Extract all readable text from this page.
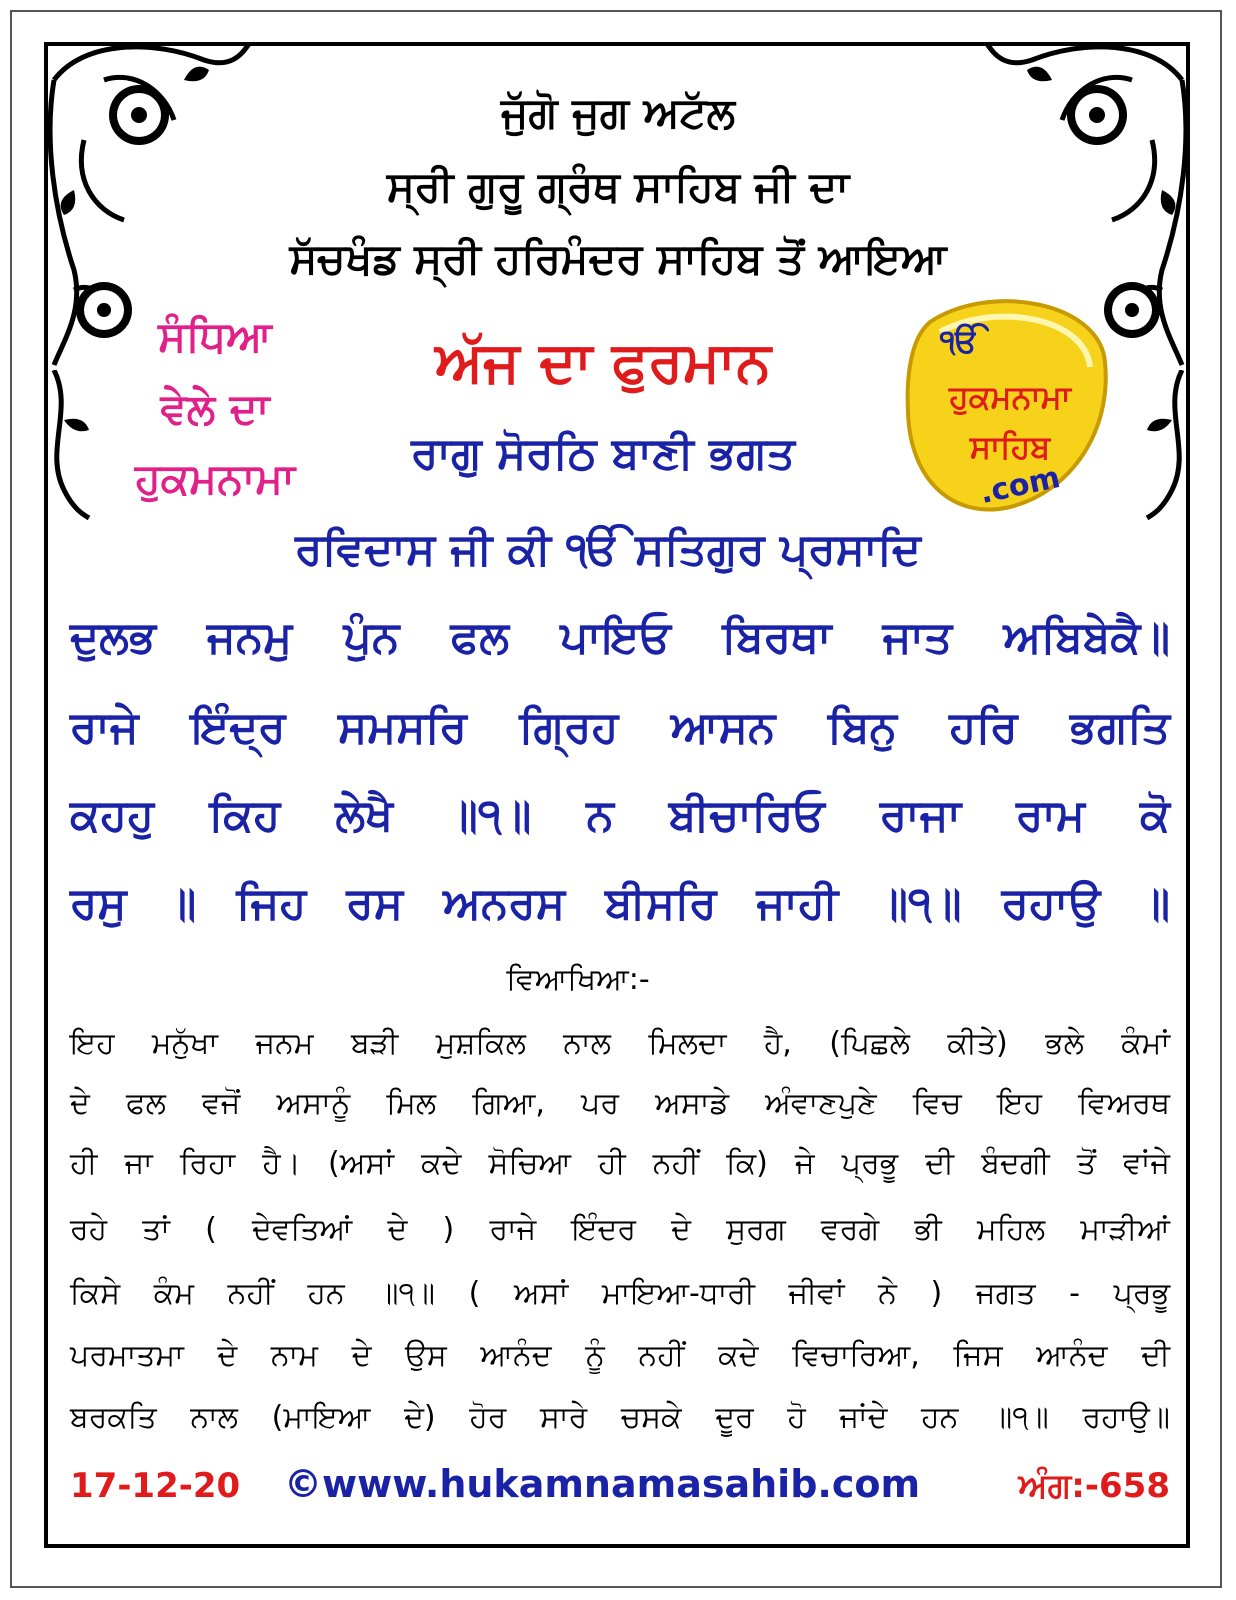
ਜੁੱਗੋ ਜੁਗ ਅਟੱਲ
ਸ੍ਰੀ ਗੁਰੂ ਗ੍ਰੰਥ ਸਾਹਿਬ ਜੀ ਦਾ
ਸੱਚਖੰਡ ਸ੍ਰੀ ਹਰਿਮੰਦਰ ਸਾਹਿਬ ਤੋਂ ਆਇਆ
ਸੰਧਿਆ
ਵੇਲੇ ਦਾ
ਹੁਕਮਨਾਮਾ
ਅੱਜ ਦਾ ਫੁਰਮਾਨ
ਰਾਗੁ ਸੋਰਠਿ ਬਾਣੀ ਭਗਤ
ੴ
ਹੁਕਮਨਾਮਾ
ਸਾਹਿਬ
.com
ਰਵਿਦਾਸ ਜੀ ਕੀ ੴ ਸਤਿਗੁਰ ਪ੍ਰਸਾਦਿ
ਦੁਲਭ ਜਨਮੁ ਪੁੰਨ ਫਲ ਪਾਇਓ ਬਿਰਥਾ ਜਾਤ ਅਬਿਬੇਕੈ॥
ਰਾਜੇ ਇੰਦ੍ਰ ਸਮਸਰਿ ਗ੍ਰਿਹ ਆਸਨ ਬਿਨੁ ਹਰਿ ਭਗਤਿ
ਕਹਹੁ ਕਿਹ ਲੇਖੈ ॥੧॥ ਨ ਬੀਚਾਰਿਓ ਰਾਜਾ ਰਾਮ ਕੋ
ਰਸੁ ॥ ਜਿਹ ਰਸ ਅਨਰਸ ਬੀਸਰਿ ਜਾਹੀ ॥੧॥ ਰਹਾਉ ॥
ਵਿਆਖਿਆ:-
ਇਹ ਮਨੁੱਖਾ ਜਨਮ ਬੜੀ ਮੁਸ਼ਕਿਲ ਨਾਲ ਮਿਲਦਾ ਹੈ, (ਪਿਛਲੇ ਕੀਤੇ) ਭਲੇ ਕੰਮਾਂ
ਦੇ ਫਲ ਵਜੋਂ ਅਸਾਨੂੰ ਮਿਲ ਗਿਆ, ਪਰ ਅਸਾਡੇ ਅੰਵਾਣਪੁਣੇ ਵਿਚ ਇਹ ਵਿਅਰਥ
ਹੀ ਜਾ ਰਿਹਾ ਹੈ। (ਅਸਾਂ ਕਦੇ ਸੋਚਿਆ ਹੀ ਨਹੀਂ ਕਿ) ਜੇ ਪ੍ਰਭੂ ਦੀ ਬੰਦਗੀ ਤੋਂ ਵਾਂਜੇ
ਰਹੇ ਤਾਂ ( ਦੇਵਤਿਆਂ ਦੇ ) ਰਾਜੇ ਇੰਦਰ ਦੇ ਸੁਰਗ ਵਰਗੇ ਭੀ ਮਹਿਲ ਮਾੜੀਆਂ
ਕਿਸੇ ਕੰਮ ਨਹੀਂ ਹਨ ॥੧॥ ( ਅਸਾਂ ਮਾਇਆ-ਧਾਰੀ ਜੀਵਾਂ ਨੇ ) ਜਗਤ - ਪ੍ਰਭੂ
ਪਰਮਾਤਮਾ ਦੇ ਨਾਮ ਦੇ ਉਸ ਆਨੰਦ ਨੂੰ ਨਹੀਂ ਕਦੇ ਵਿਚਾਰਿਆ, ਜਿਸ ਆਨੰਦ ਦੀ
ਬਰਕਤਿ ਨਾਲ (ਮਾਇਆ ਦੇ) ਹੋਰ ਸਾਰੇ ਚਸਕੇ ਦੂਰ ਹੋ ਜਾਂਦੇ ਹਨ ॥੧॥ ਰਹਾਉ॥
17-12-20 ©www.hukamnamasahib.com	ਅੰਗ:-658
